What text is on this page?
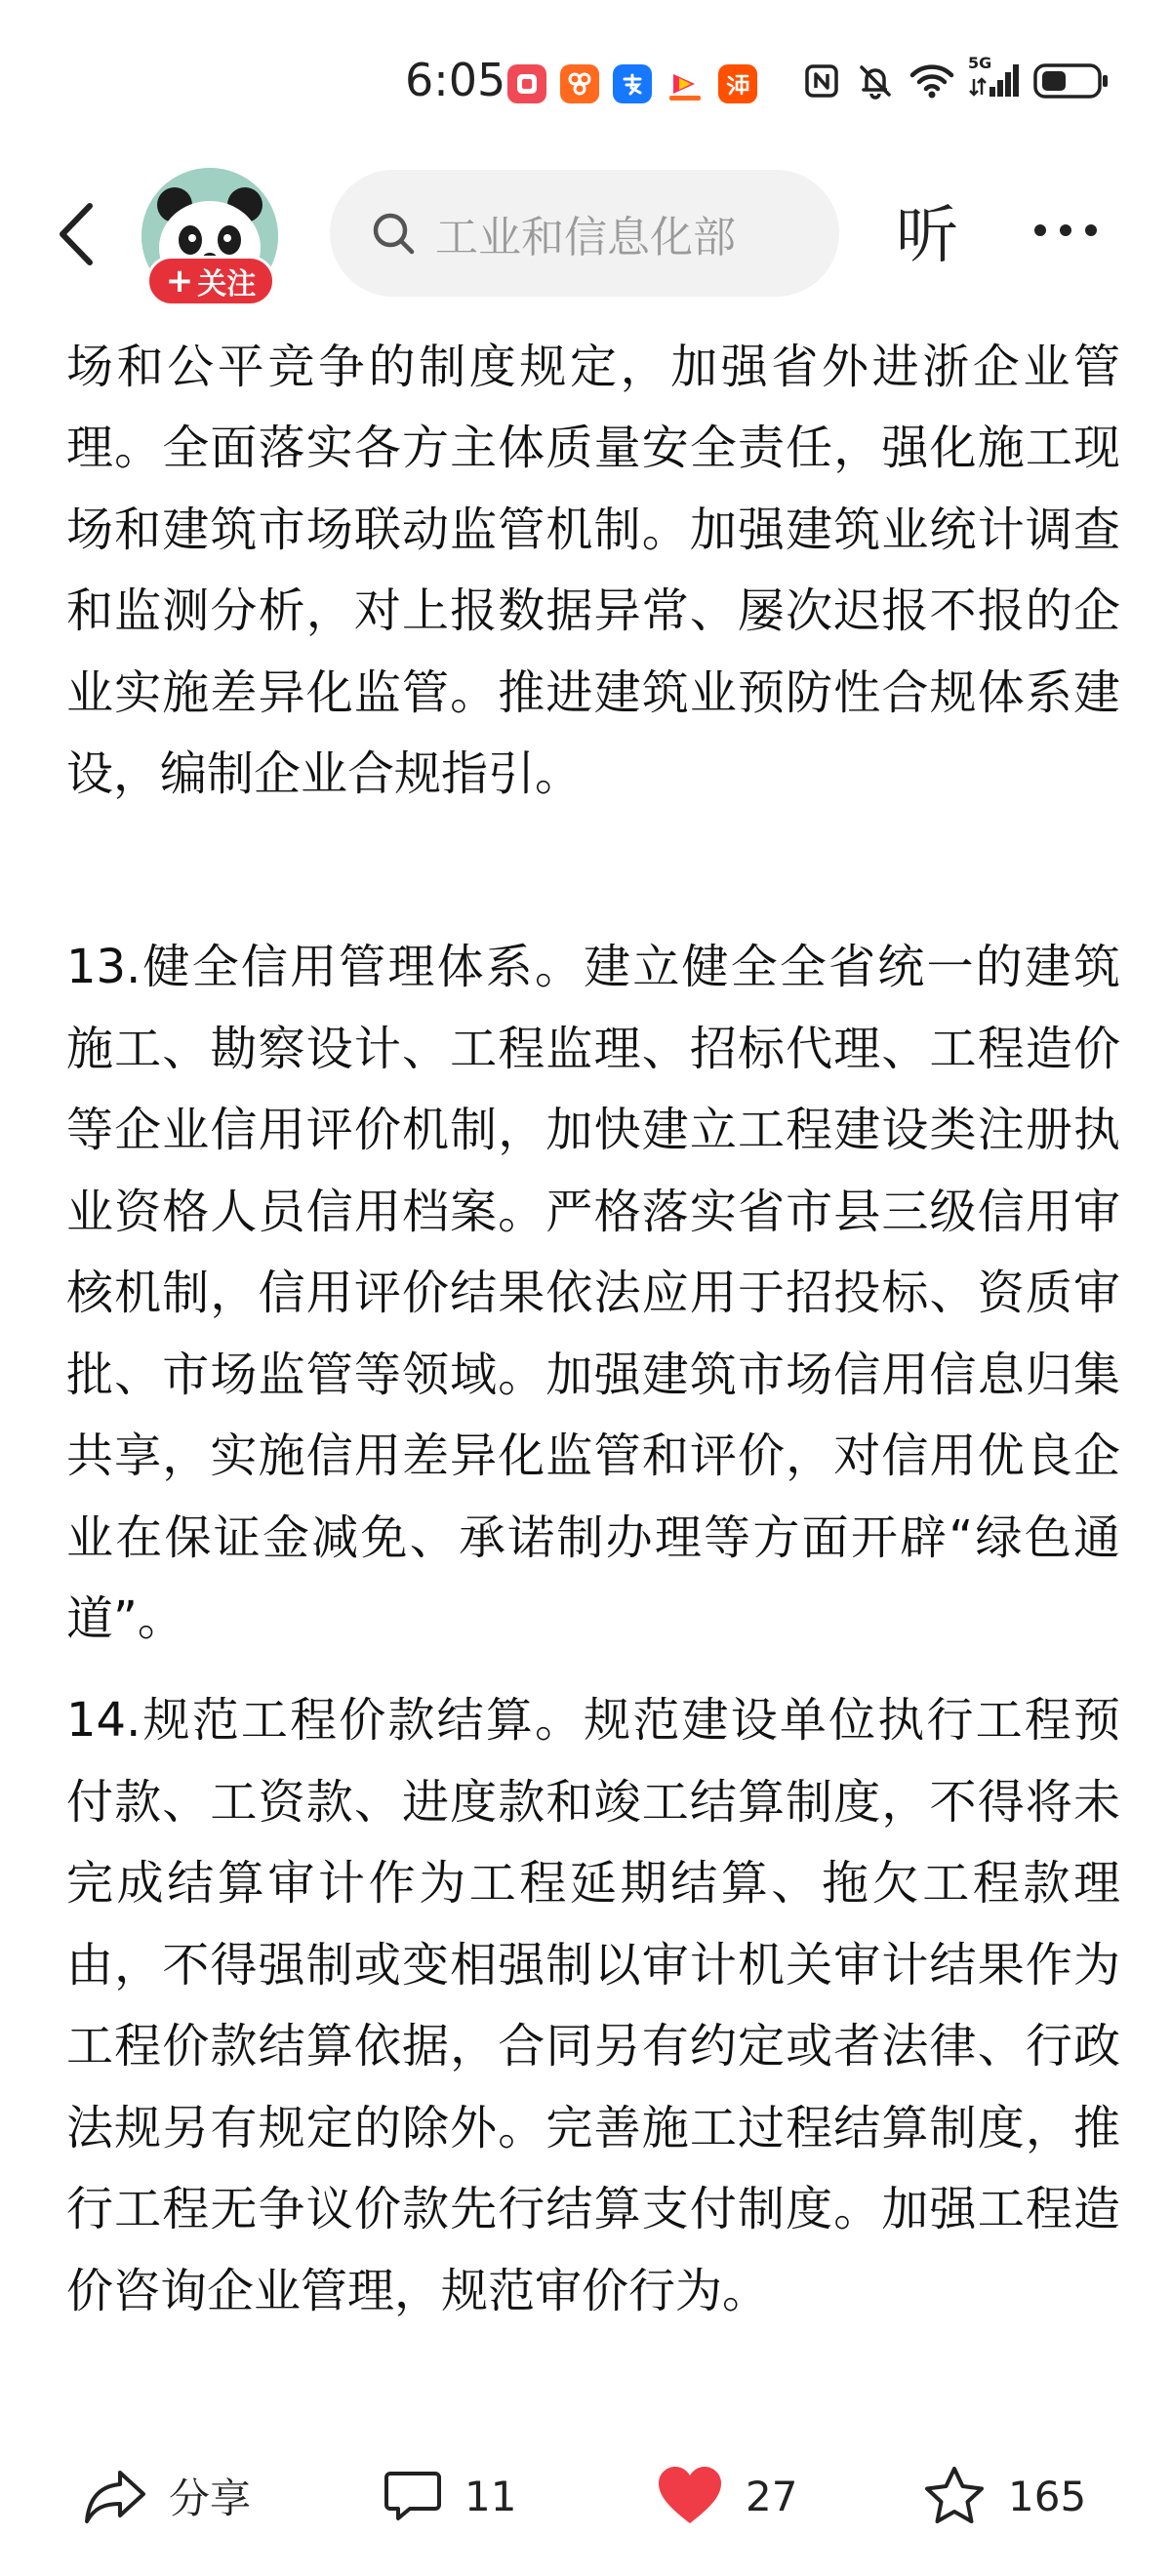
6:05	5G

场和公平竞争的制度规定，加强省外进浙企业管理。全面落实各方主体质量安全责任，强化施工现场和建筑市场联动监管机制。加强建筑业统计调查和监测分析，对上报数据异常、屡次迟报不报的企业实施差异化监管。推进建筑业预防性合规体系建设，编制企业合规指引。

13.健全信用管理体系。建立健全全省统一的建筑施工、勘察设计、工程监理、招标代理、工程造价等企业信用评价机制，加快建立工程建设类注册执业资格人员信用档案。严格落实省市县三级信用审核机制，信用评价结果依法应用于招投标、资质审批、市场监管等领域。加强建筑市场信用信息归集共享，实施信用差异化监管和评价，对信用优良企业在保证金减免、承诺制办理等方面开辟“绿色通道”。

14.规范工程价款结算。规范建设单位执行工程预付款、工资款、进度款和竣工结算制度，不得将未完成结算审计作为工程延期结算、拖欠工程款理由，不得强制或变相强制以审计机关审计结果作为工程价款结算依据，合同另有约定或者法律、行政法规另有规定的除外。完善施工过程结算制度，推行工程无争议价款先行结算支付制度。加强工程造价咨询企业管理，规范审价行为。

+ 关注
工业和信息化部	听
分享	11	27	165
